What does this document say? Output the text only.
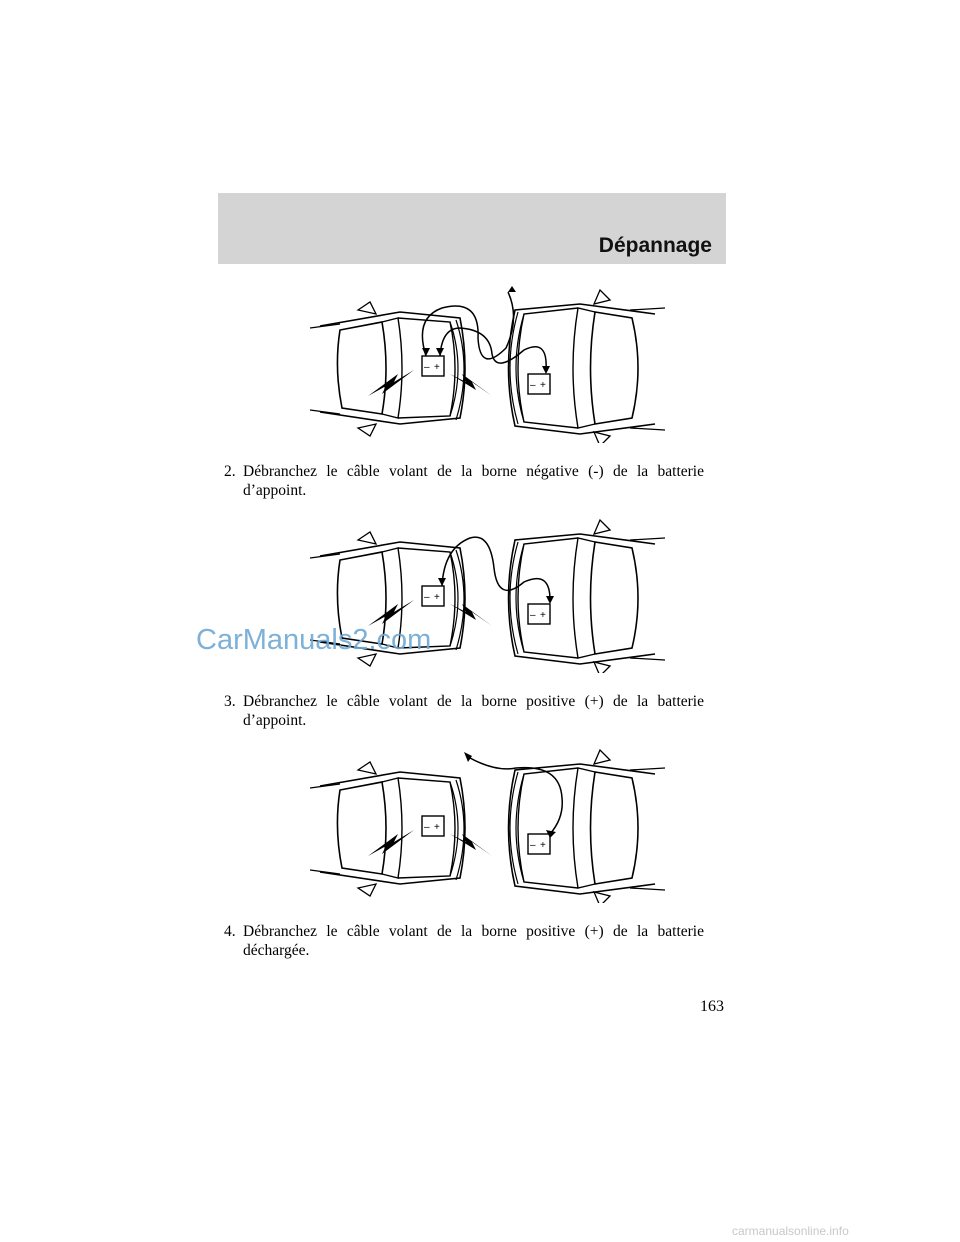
Dépannage
– +
– +
2. Débranchez le câble volant de la borne négative (-) de la batterie d’appoint.
– +
– +
CarManuals2.com
3. Débranchez le câble volant de la borne positive (+) de la batterie d’appoint.
– +
– +
4. Débranchez le câble volant de la borne positive (+) de la batterie déchargée.
163
carmanualsonline.info
